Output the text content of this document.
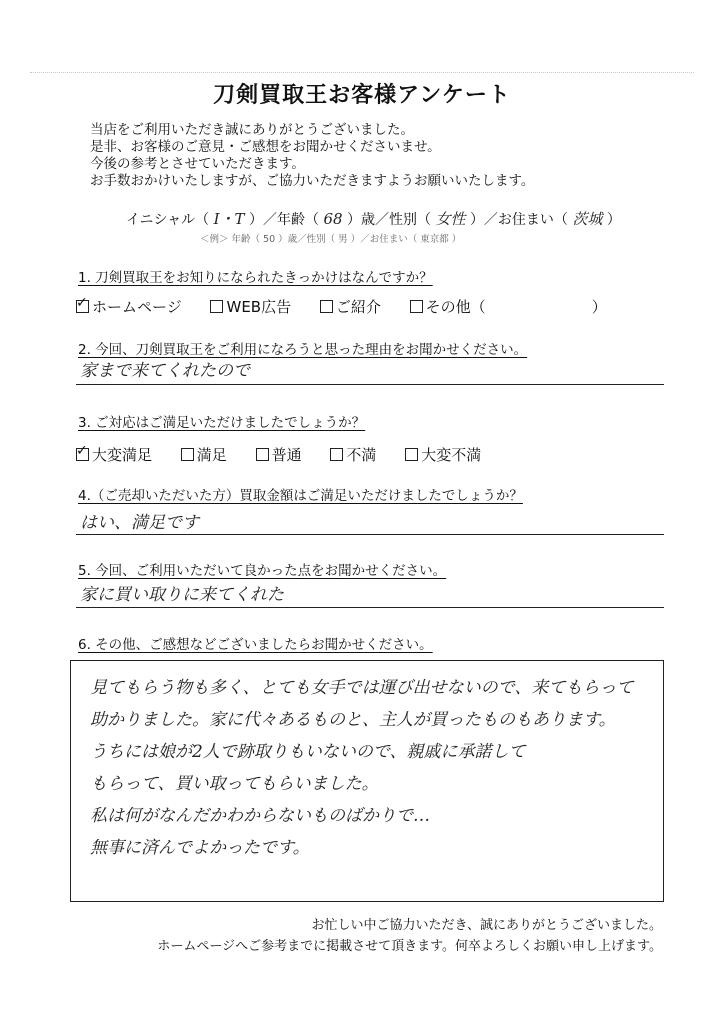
刀剣買取王お客様アンケート
当店をご利用いただき誠にありがとうございました。
是非、お客様のご意見・ご感想をお聞かせくださいませ。
今後の参考とさせていただきます。
お手数おかけいたしますが、ご協力いただきますようお願いいたします。
イニシャル（ I・T ）／年齢（ 68 ）歳／性別（ 女性 ）／お住まい（ 茨城 ）
＜例＞ 年齢（ 50 ）歳／性別（ 男 ）／お住まい（ 東京都 ）
1. 刀剣買取王をお知りになられたきっかけはなんですか？
✓ホームページ	WEB広告	ご紹介	その他（	）
2. 今回、刀剣買取王をご利用になろうと思った理由をお聞かせください。
家まで来てくれたので
3. ご対応はご満足いただけましたでしょうか？
✓大変満足	満足	普通	不満	大変不満
4.（ご売却いただいた方）買取金額はご満足いただけましたでしょうか？
はい、満足です
5. 今回、ご利用いただいて良かった点をお聞かせください。
家に買い取りに来てくれた
6. その他、ご感想などございましたらお聞かせください。
見てもらう物も多く、とても女手では運び出せないので、来てもらって
助かりました。家に代々あるものと、主人が買ったものもあります。
うちには娘が2人で跡取りもいないので、親戚に承諾して
もらって、買い取ってもらいました。
私は何がなんだかわからないものばかりで…
無事に済んでよかったです。
お忙しい中ご協力いただき、誠にありがとうございました。
ホームページへご参考までに掲載させて頂きます。何卒よろしくお願い申し上げます。
